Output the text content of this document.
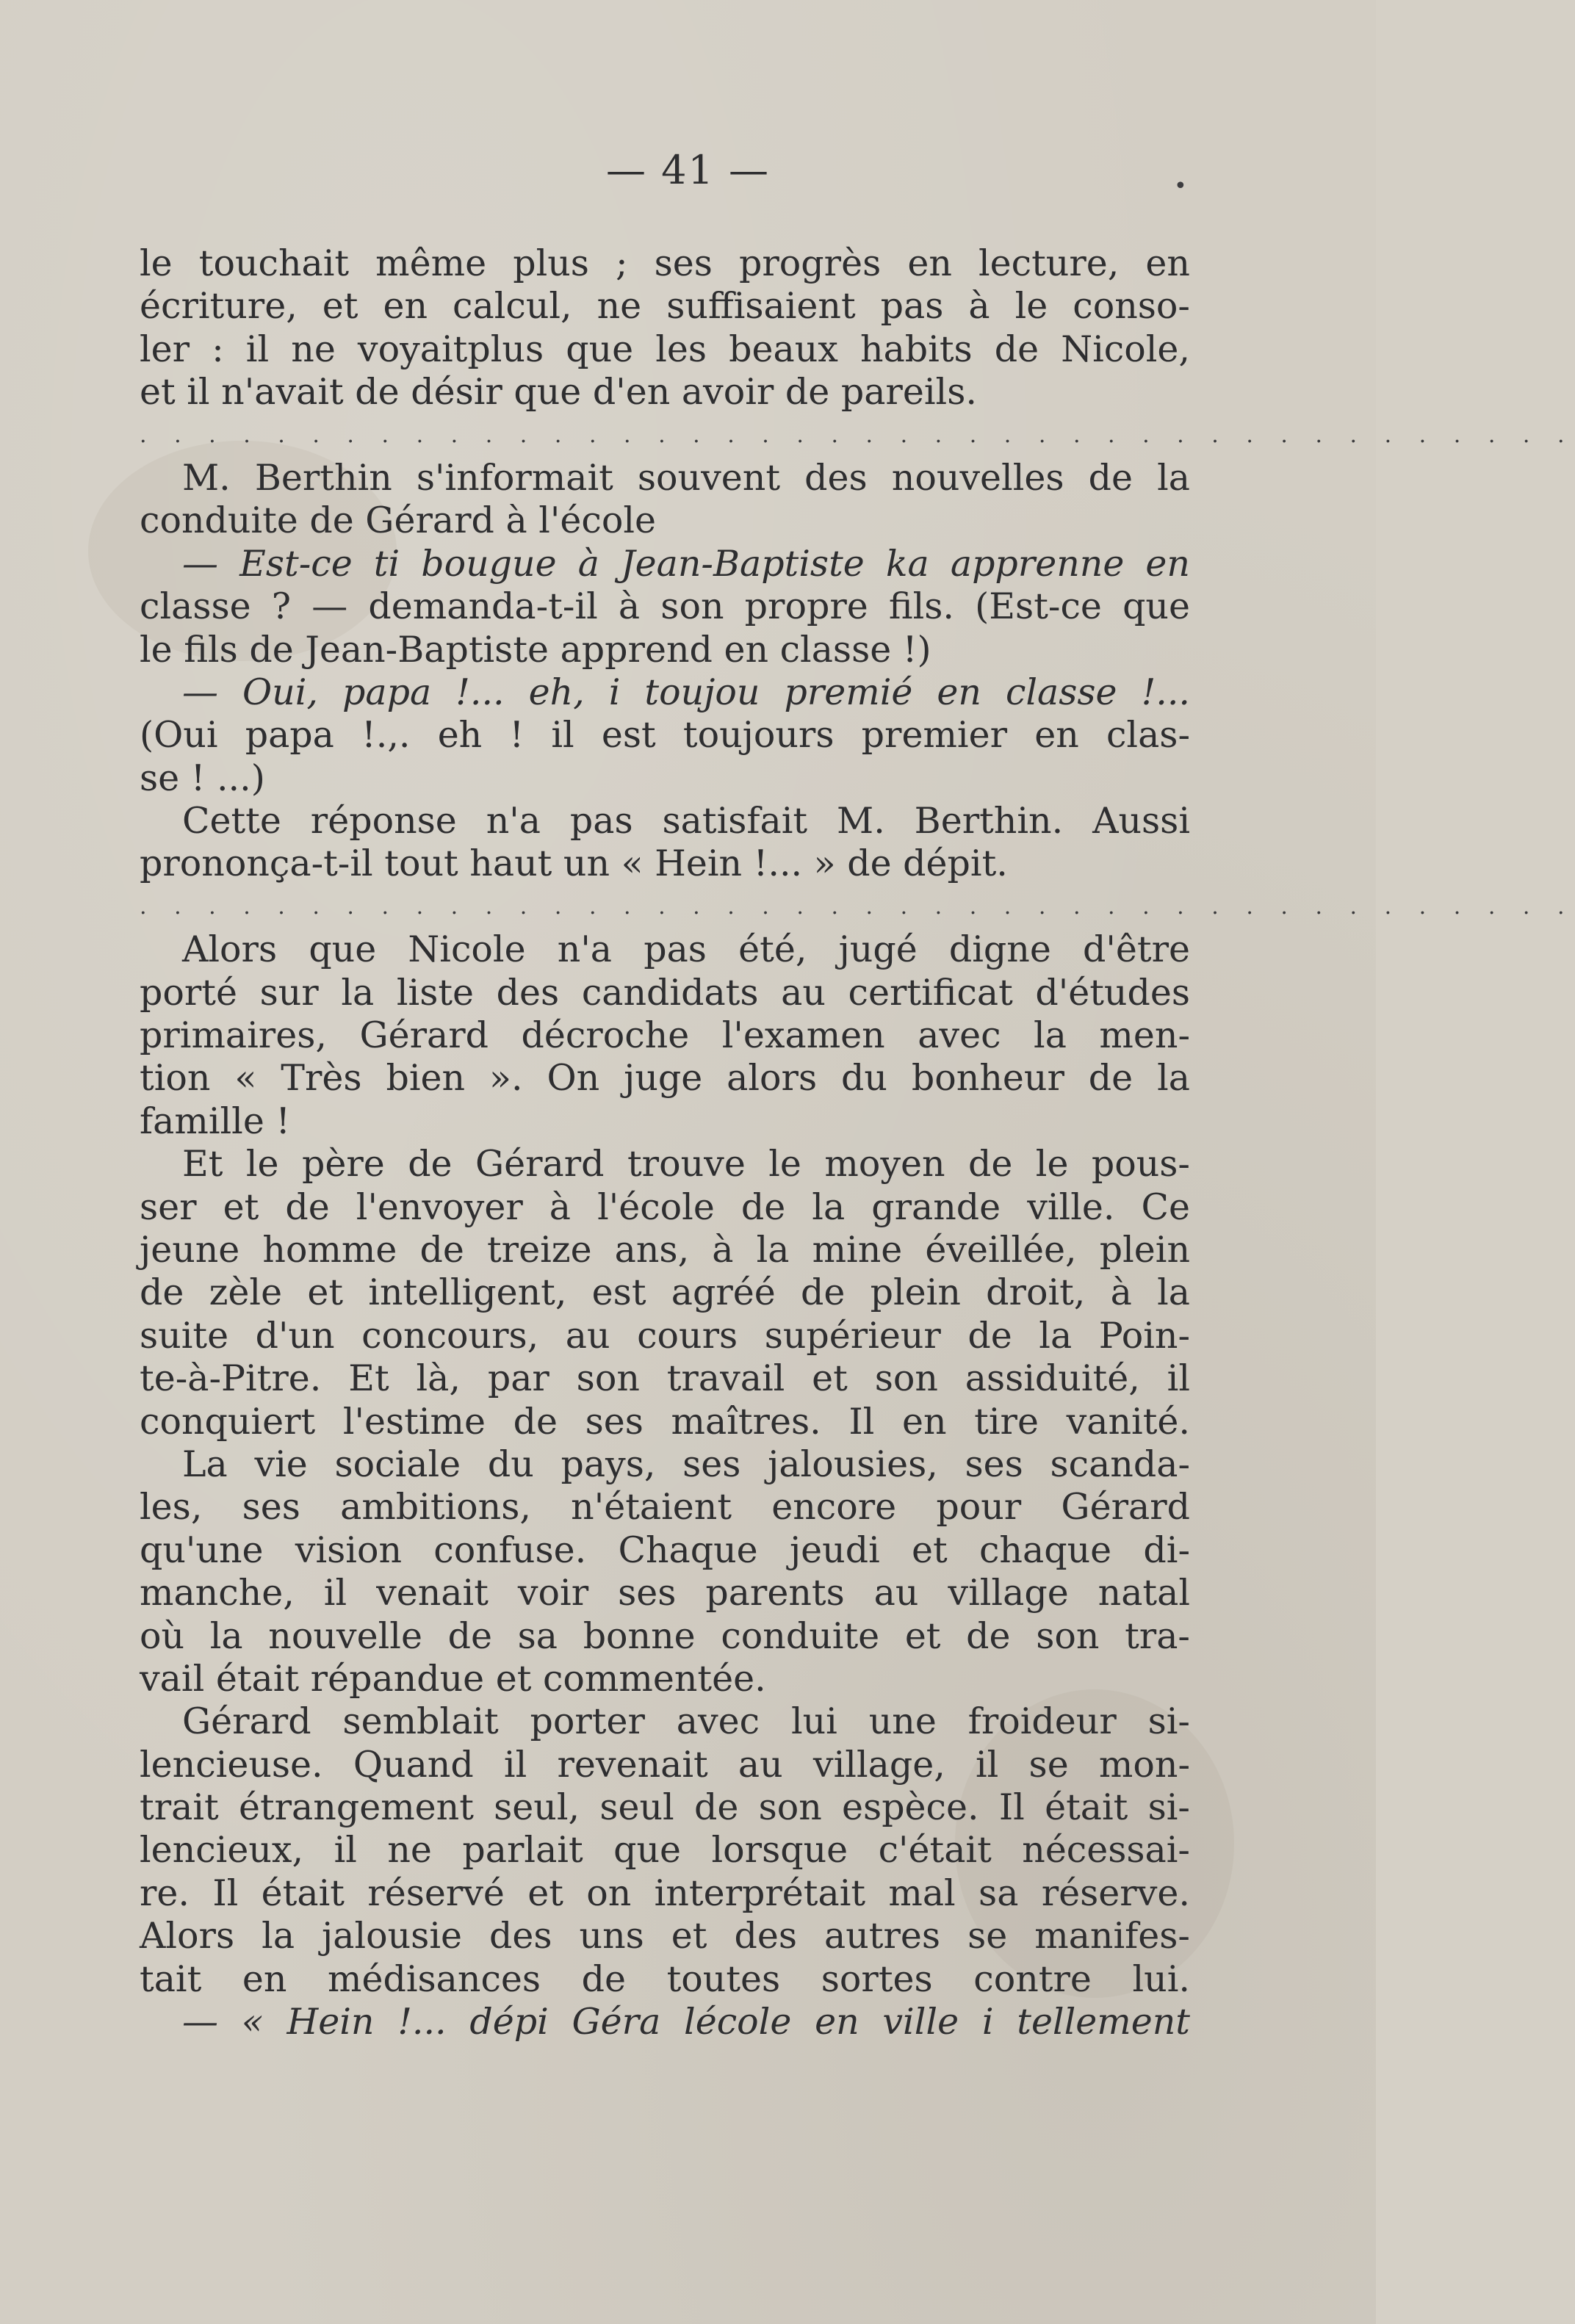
— 41 —	•
le touchait même plus ; ses progrès en lecture, en
écriture, et en calcul, ne suffisaient pas à le conso-
ler : il ne voyaitplus que les beaux habits de Nicole,
et il n'avait de désir que d'en avoir de pareils.
. . . . . . . . . . . . . . . . . . . . . . . . . . . . . . . . . . . . . . . . . .
M. Berthin s'informait souvent des nouvelles de la
conduite de Gérard à l'école
— Est-ce ti bougue à Jean-Baptiste ka apprenne en
classe ? — demanda-t-il à son propre fils. (Est-ce que
le fils de Jean-Baptiste apprend en classe !)
— Oui, papa !... eh, i toujou premié en classe !...
(Oui papa !.,. eh ! il est toujours premier en clas-
se ! ...)
Cette réponse n'a pas satisfait M. Berthin. Aussi
prononça-t-il tout haut un « Hein !... » de dépit.
. . . . . . . . . . . . . . . . . . . . . . . . . . . . . . . . . . . . . . . . . .
Alors que Nicole n'a pas été, jugé digne d'être
porté sur la liste des candidats au certificat d'études
primaires, Gérard décroche l'examen avec la men-
tion « Très bien ». On juge alors du bonheur de la
famille !
Et le père de Gérard trouve le moyen de le pous-
ser et de l'envoyer à l'école de la grande ville. Ce
jeune homme de treize ans, à la mine éveillée, plein
de zèle et intelligent, est agréé de plein droit, à la
suite d'un concours, au cours supérieur de la Poin-
te-à-Pitre. Et là, par son travail et son assiduité, il
conquiert l'estime de ses maîtres. Il en tire vanité.
La vie sociale du pays, ses jalousies, ses scanda-
les, ses ambitions, n'étaient encore pour Gérard
qu'une vision confuse. Chaque jeudi et chaque di-
manche, il venait voir ses parents au village natal
où la nouvelle de sa bonne conduite et de son tra-
vail était répandue et commentée.
Gérard semblait porter avec lui une froideur si-
lencieuse. Quand il revenait au village, il se mon-
trait étrangement seul, seul de son espèce. Il était si-
lencieux, il ne parlait que lorsque c'était nécessai-
re. Il était réservé et on interprétait mal sa réserve.
Alors la jalousie des uns et des autres se manifes-
tait en médisances de toutes sortes contre lui.
— « Hein !... dépi Géra lécole en ville i tellement
